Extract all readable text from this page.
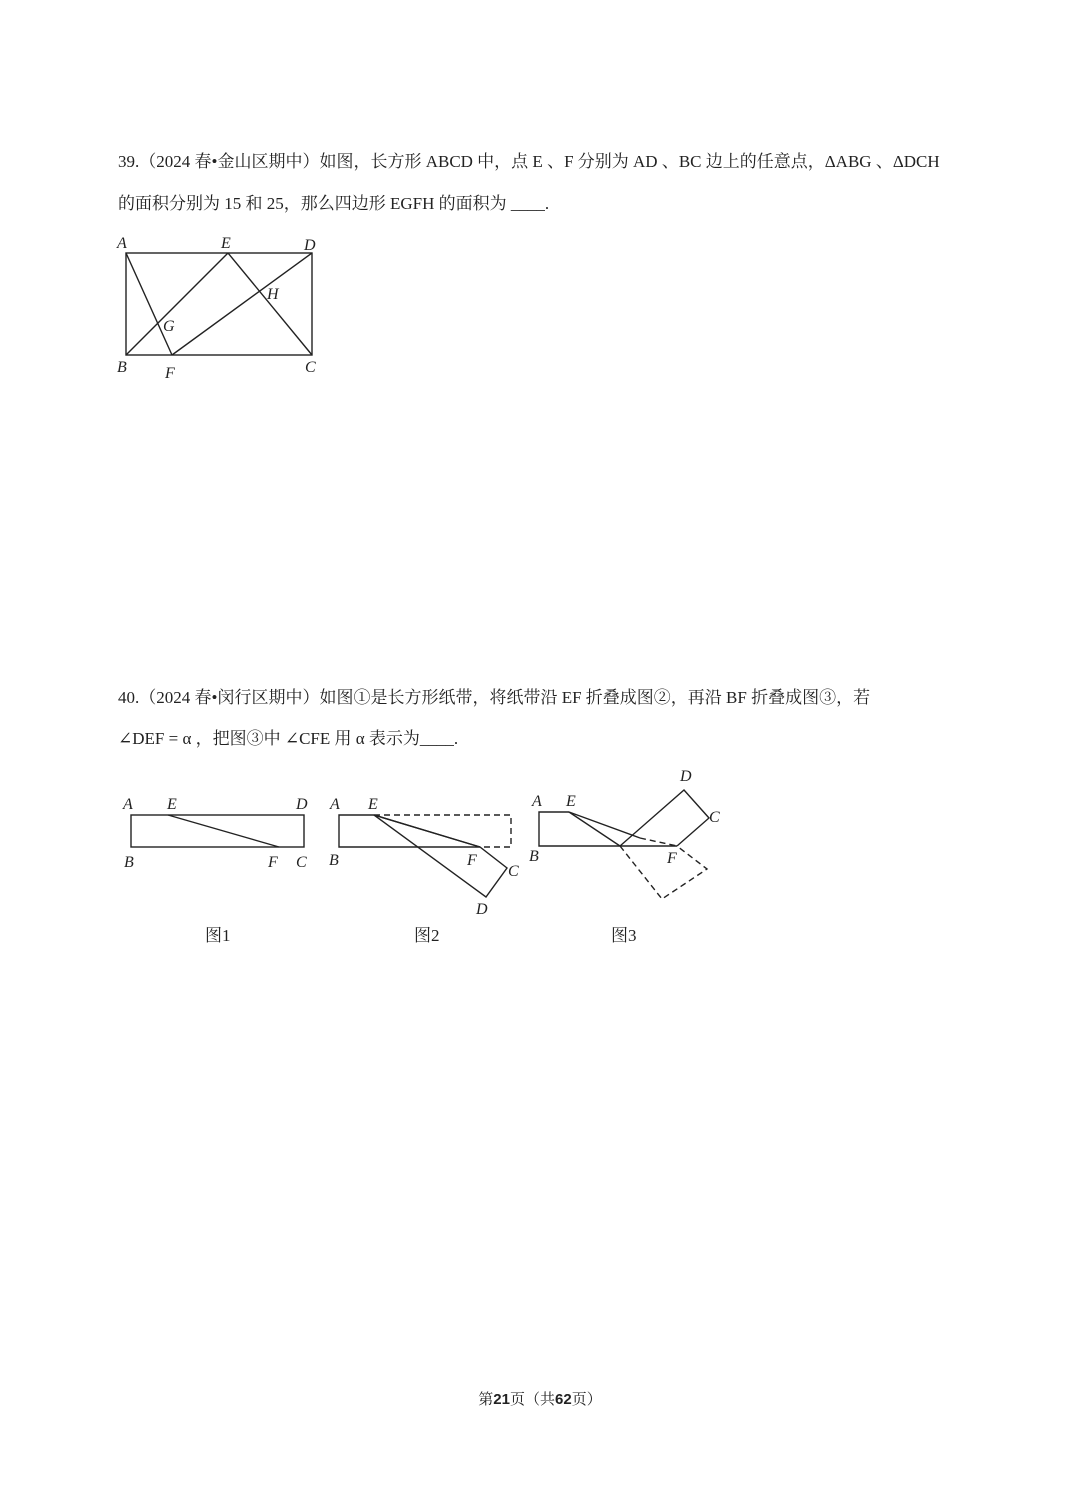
39.（2024 春•金山区期中）如图，长方形 ABCD 中，点 E 、F 分别为 AD 、BC 边上的任意点，ΔABG 、ΔDCH
的面积分别为 15 和 25，那么四边形 EGFH 的面积为 ____.
A	E	D
H
G
B F	C
40.（2024 春•闵行区期中）如图①是长方形纸带，将纸带沿 EF 折叠成图②，再沿 BF 折叠成图③，若
∠DEF = α ，把图③中 ∠CFE 用 α 表示为____.
A E	D
B	F C
A E
B	F
C
D
A E
D
C
B	F
图1	图2	图3
第21页（共62页）
